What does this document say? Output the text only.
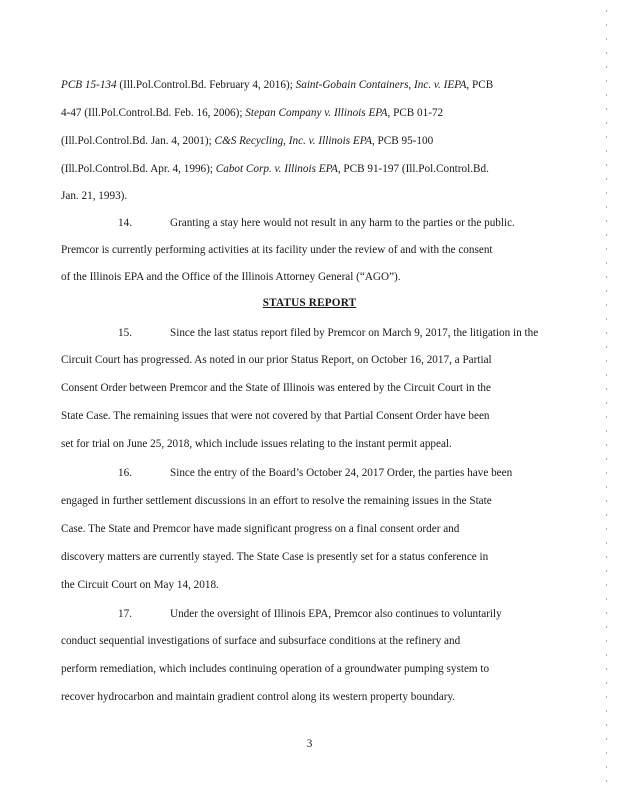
PCB 15-134 (Ill.Pol.Control.Bd. February 4, 2016); Saint-Gobain Containers, Inc. v. IEPA, PCB
4-47 (Ill.Pol.Control.Bd. Feb. 16, 2006); Stepan Company v. Illinois EPA, PCB 01-72
(Ill.Pol.Control.Bd. Jan. 4, 2001); C&S Recycling, Inc. v. Illinois EPA, PCB 95-100
(Ill.Pol.Control.Bd. Apr. 4, 1996); Cabot Corp. v. Illinois EPA, PCB 91-197 (Ill.Pol.Control.Bd.
Jan. 21, 1993).
14.	Granting a stay here would not result in any harm to the parties or the public.
Premcor is currently performing activities at its facility under the review of and with the consent
of the Illinois EPA and the Office of the Illinois Attorney General (“AGO”).
STATUS REPORT
15.	Since the last status report filed by Premcor on March 9, 2017, the litigation in the
Circuit Court has progressed. As noted in our prior Status Report, on October 16, 2017, a Partial
Consent Order between Premcor and the State of Illinois was entered by the Circuit Court in the
State Case. The remaining issues that were not covered by that Partial Consent Order have been
set for trial on June 25, 2018, which include issues relating to the instant permit appeal.
16.	Since the entry of the Board’s October 24, 2017 Order, the parties have been
engaged in further settlement discussions in an effort to resolve the remaining issues in the State
Case. The State and Premcor have made significant progress on a final consent order and
discovery matters are currently stayed. The State Case is presently set for a status conference in
the Circuit Court on May 14, 2018.
17.	Under the oversight of Illinois EPA, Premcor also continues to voluntarily
conduct sequential investigations of surface and subsurface conditions at the refinery and
perform remediation, which includes continuing operation of a groundwater pumping system to
recover hydrocarbon and maintain gradient control along its western property boundary.
3
